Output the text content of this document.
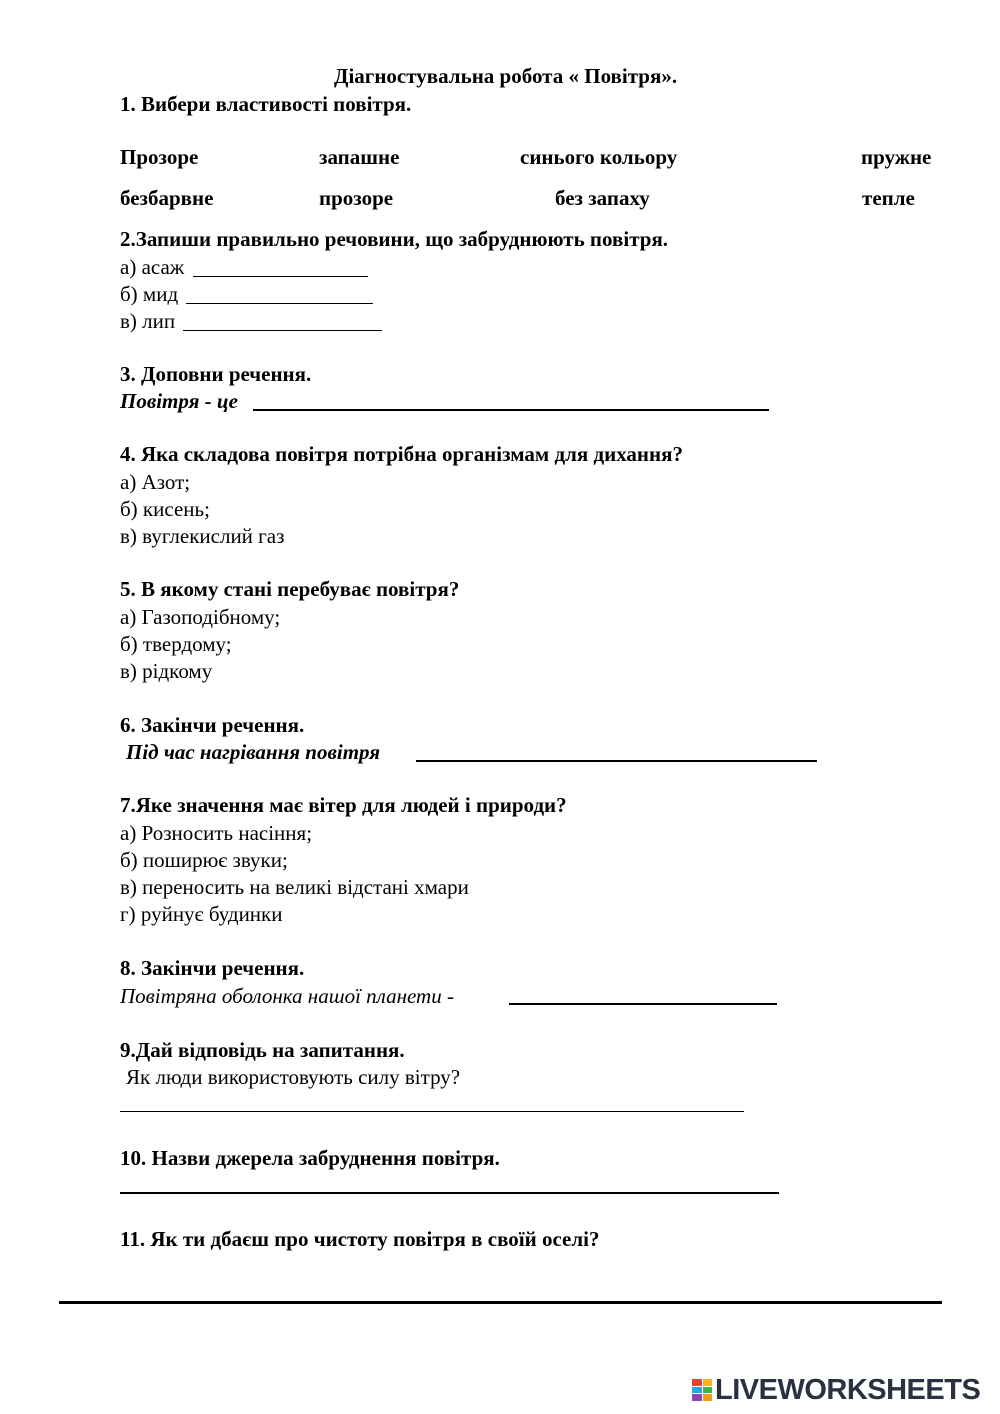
Діагностувальна робота « Повітря».
1. Вибери властивості повітря.
Прозоре	запашне	синього кольору	пружне
безбарвне	прозоре	без запаху	тепле
2.Запиши правильно речовини, що забруднюють повітря.
а) асаж
б) мид
в) лип
3. Доповни речення.
Повітря - це
4. Яка складова повітря потрібна організмам для дихання?
а) Азот;
б) кисень;
в) вуглекислий газ
5. В якому стані перебуває повітря?
а) Газоподібному;
б) твердому;
в) рідкому
6. Закінчи речення.
Під час нагрівання повітря
7.Яке значення має вітер для людей і природи?
а) Розносить насіння;
б) поширює звуки;
в) переносить на великі відстані хмари
г) руйнує будинки
8. Закінчи речення.
Повітряна оболонка нашої планети -
9.Дай відповідь на запитання.
Як люди використовують силу вітру?
10. Назви джерела забруднення повітря.
11. Як ти дбаєш про чистоту повітря в своїй оселі?
LIVEWORKSHEETS
